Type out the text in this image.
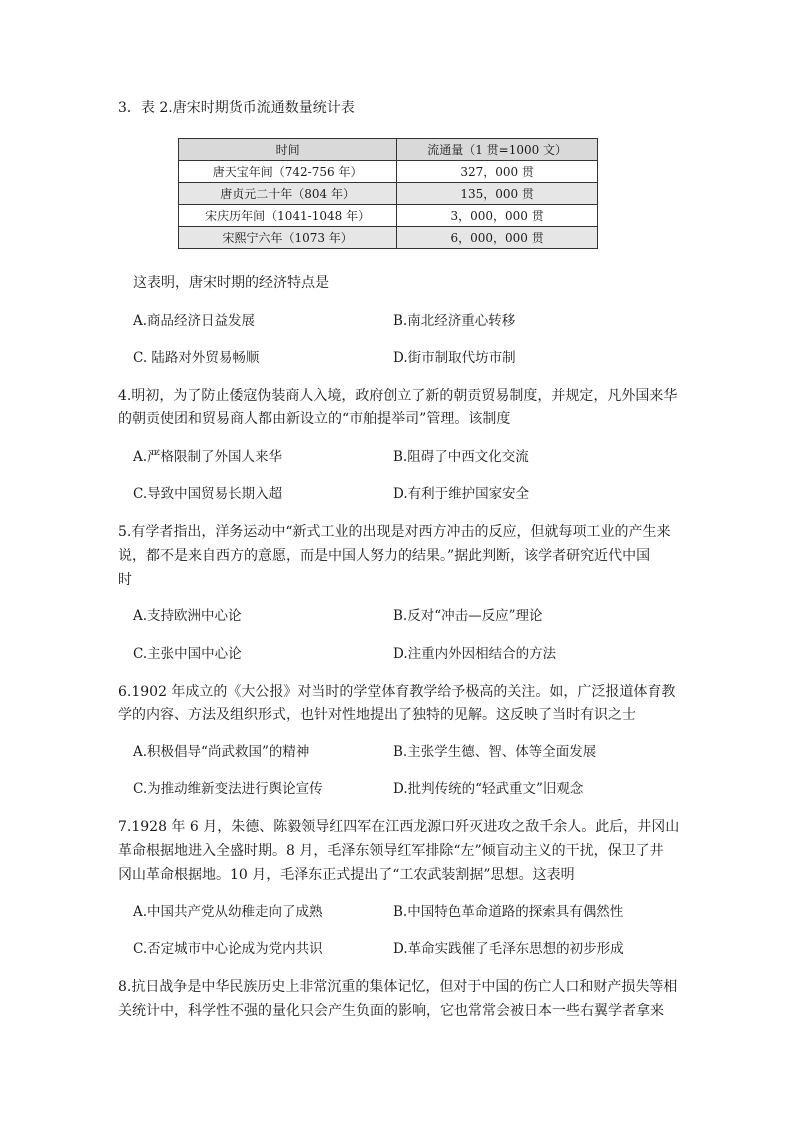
3．表 2.唐宋时期货币流通数量统计表
时间	流通量（1 贯=1000 文）
唐天宝年间（742-756 年）	327，000 贯
唐贞元二十年（804 年）	135，000 贯
宋庆历年间（1041-1048 年）	3，000，000 贯
宋熙宁六年（1073 年）	6，000，000 贯
这表明，唐宋时期的经济特点是
A.商品经济日益发展	B.南北经济重心转移
C. 陆路对外贸易畅顺	D.街市制取代坊市制
4.明初，为了防止倭寇伪装商人入境，政府创立了新的朝贡贸易制度，并规定，凡外国来华
的朝贡使团和贸易商人都由新设立的“市舶提举司”管理。该制度
A.严格限制了外国人来华	B.阻碍了中西文化交流
C.导致中国贸易长期入超	D.有利于维护国家安全
5.有学者指出，洋务运动中“新式工业的出现是对西方冲击的反应，但就每项工业的产生来
说，都不是来自西方的意愿，而是中国人努力的结果。”据此判断，该学者研究近代中国
时
A.支持欧洲中心论	B.反对“冲击—反应”理论
C.主张中国中心论	D.注重内外因相结合的方法
6.1902 年成立的《大公报》对当时的学堂体育教学给予极高的关注。如，广泛报道体育教
学的内容、方法及组织形式，也针对性地提出了独特的见解。这反映了当时有识之士
A.积极倡导“尚武救国”的精神	B.主张学生德、智、体等全面发展
C.为推动维新变法进行舆论宣传	D.批判传统的“轻武重文”旧观念
7.1928 年 6 月，朱德、陈毅领导红四军在江西龙源口歼灭进攻之敌千余人。此后，井冈山
革命根据地进入全盛时期。8 月，毛泽东领导红军排除“左”倾盲动主义的干扰，保卫了井
冈山革命根据地。10 月，毛泽东正式提出了“工农武装割据”思想。这表明
A.中国共产党从幼稚走向了成熟	B.中国特色革命道路的探索具有偶然性
C.否定城市中心论成为党内共识	D.革命实践催了毛泽东思想的初步形成
8.抗日战争是中华民族历史上非常沉重的集体记忆，但对于中国的伤亡人口和财产损失等相
关统计中，科学性不强的量化只会产生负面的影响，它也常常会被日本一些右翼学者拿来
